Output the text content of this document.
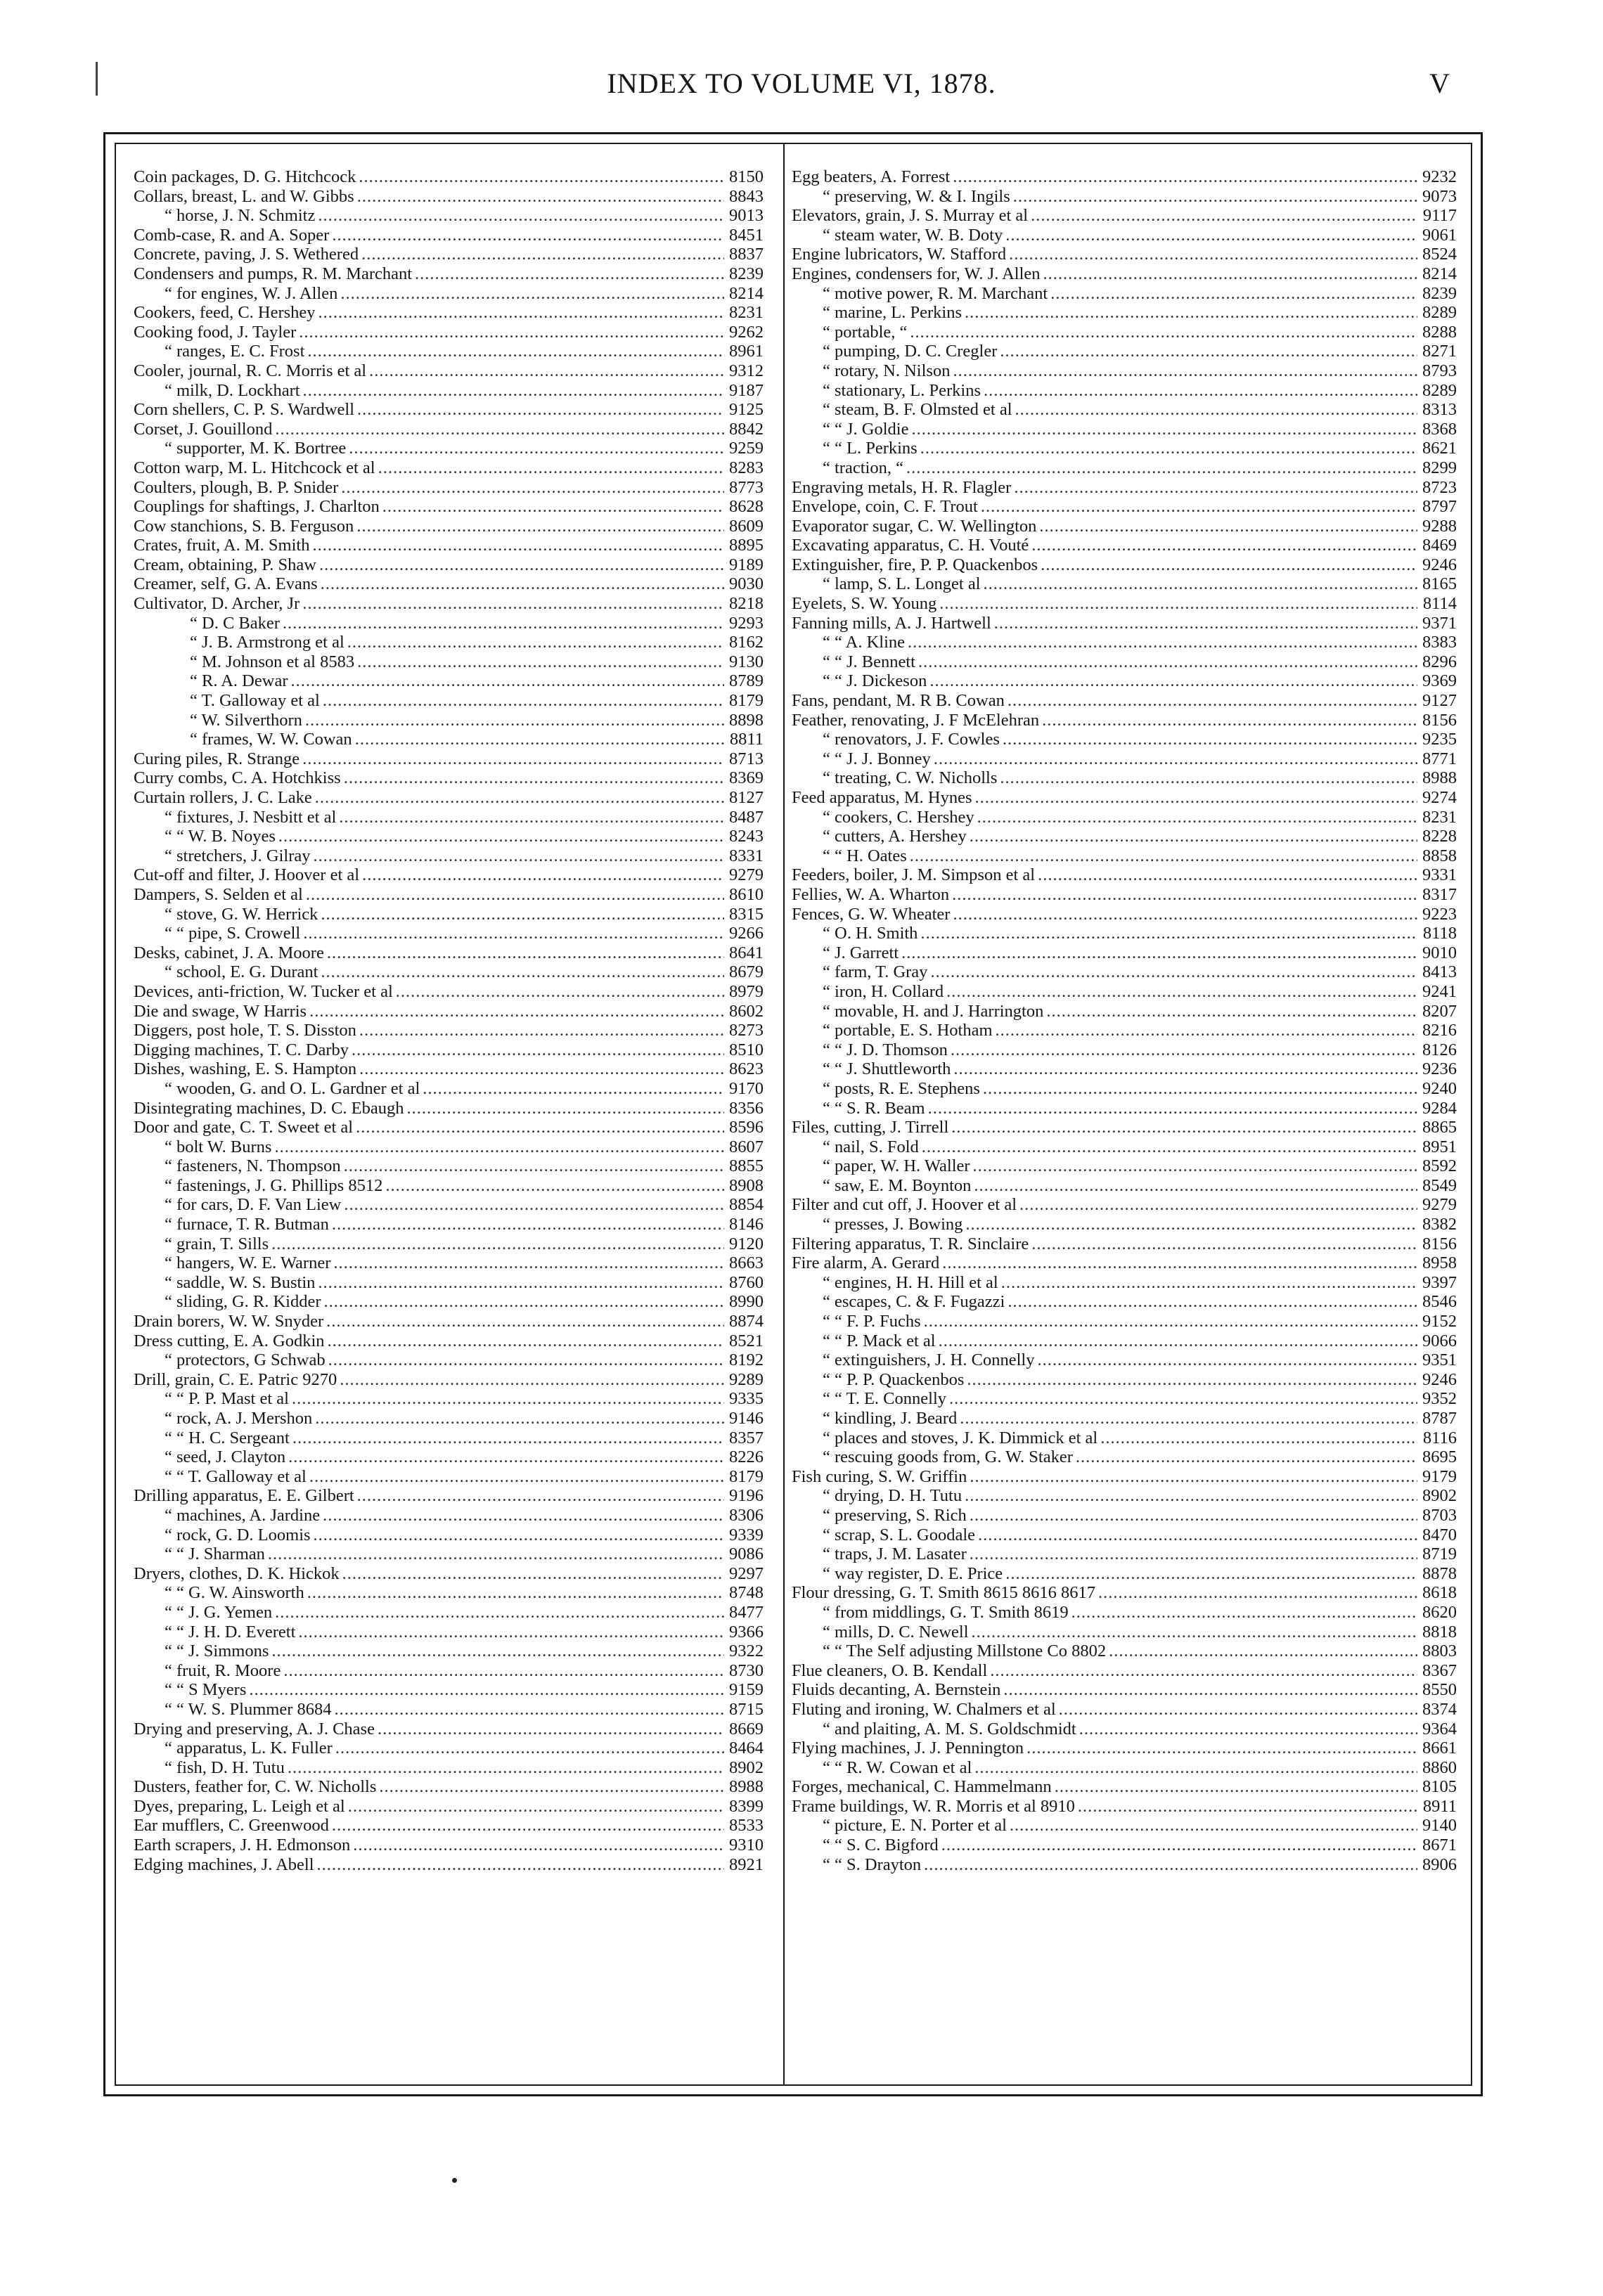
INDEX TO VOLUME VI, 1878.	V
Coin packages, D. G. Hitchcock .....	8150
Collars, breast, L. and W. Gibbs .....	8843
“ horse, J. N. Schmitz .....	9013
Comb-case, R. and A. Soper .....	8451
Concrete, paving, J. S. Wethered .....	8837
Condensers and pumps, R. M. Marchant .....	8239
“ for engines, W. J. Allen .....	8214
Cookers, feed, C. Hershey .....	8231
Cooking food, J. Tayler .....	9262
“ ranges, E. C. Frost .....	8961
Cooler, journal, R. C. Morris et al .....	9312
“ milk, D. Lockhart .....	9187
Corn shellers, C. P. S. Wardwell .....	9125
Corset, J. Gouillond .....	8842
“ supporter, M. K. Bortree .....	9259
Cotton warp, M. L. Hitchcock et al .....	8283
Coulters, plough, B. P. Snider .....	8773
Couplings for shaftings, J. Charlton .....	8628
Cow stanchions, S. B. Ferguson .....	8609
Crates, fruit, A. M. Smith .....	8895
Cream, obtaining, P. Shaw .....	9189
Creamer, self, G. A. Evans .....	9030
Cultivator, D. Archer, Jr .....	8218
“ D. C Baker .....	9293
“ J. B. Armstrong et al .....	8162
“ M. Johnson et al 8583 .....	9130
“ R. A. Dewar .....	8789
“ T. Galloway et al .....	8179
“ W. Silverthorn .....	8898
“ frames, W. W. Cowan .....	8811
Curing piles, R. Strange .....	8713
Curry combs, C. A. Hotchkiss .....	8369
Curtain rollers, J. C. Lake .....	8127
“ fixtures, J. Nesbitt et al .....	8487
“ “ W. B. Noyes .....	8243
“ stretchers, J. Gilray .....	8331
Cut-off and filter, J. Hoover et al .....	9279
Dampers, S. Selden et al .....	8610
“ stove, G. W. Herrick .....	8315
“ “ pipe, S. Crowell .....	9266
Desks, cabinet, J. A. Moore .....	8641
“ school, E. G. Durant .....	8679
Devices, anti-friction, W. Tucker et al .....	8979
Die and swage, W Harris .....	8602
Diggers, post hole, T. S. Disston .....	8273
Digging machines, T. C. Darby .....	8510
Dishes, washing, E. S. Hampton .....	8623
“ wooden, G. and O. L. Gardner et al .....	9170
Disintegrating machines, D. C. Ebaugh .....	8356
Door and gate, C. T. Sweet et al .....	8596
“ bolt W. Burns .....	8607
“ fasteners, N. Thompson .....	8855
“ fastenings, J. G. Phillips 8512 .....	8908
“ for cars, D. F. Van Liew .....	8854
“ furnace, T. R. Butman .....	8146
“ grain, T. Sills .....	9120
“ hangers, W. E. Warner .....	8663
“ saddle, W. S. Bustin .....	8760
“ sliding, G. R. Kidder .....	8990
Drain borers, W. W. Snyder .....	8874
Dress cutting, E. A. Godkin .....	8521
“ protectors, G Schwab .....	8192
Drill, grain, C. E. Patric 9270 .....	9289
“ “ P. P. Mast et al .....	9335
“ rock, A. J. Mershon .....	9146
“ “ H. C. Sergeant .....	8357
“ seed, J. Clayton .....	8226
“ “ T. Galloway et al .....	8179
Drilling apparatus, E. E. Gilbert .....	9196
“ machines, A. Jardine .....	8306
“ rock, G. D. Loomis .....	9339
“ “ J. Sharman .....	9086
Dryers, clothes, D. K. Hickok .....	9297
“ “ G. W. Ainsworth .....	8748
“ “ J. G. Yemen .....	8477
“ “ J. H. D. Everett .....	9366
“ “ J. Simmons .....	9322
“ fruit, R. Moore .....	8730
“ “ S Myers .....	9159
“ “ W. S. Plummer 8684 .....	8715
Drying and preserving, A. J. Chase .....	8669
“ apparatus, L. K. Fuller .....	8464
“ fish, D. H. Tutu .....	8902
Dusters, feather for, C. W. Nicholls .....	8988
Dyes, preparing, L. Leigh et al .....	8399
Ear mufflers, C. Greenwood .....	8533
Earth scrapers, J. H. Edmonson .....	9310
Edging machines, J. Abell .....	8921
Egg beaters, A. Forrest .....	9232
“ preserving, W. & I. Ingils .....	9073
Elevators, grain, J. S. Murray et al .....	9117
“ steam water, W. B. Doty .....	9061
Engine lubricators, W. Stafford .....	8524
Engines, condensers for, W. J. Allen .....	8214
“ motive power, R. M. Marchant .....	8239
“ marine, L. Perkins .....	8289
“ portable, “ .....	8288
“ pumping, D. C. Cregler .....	8271
“ rotary, N. Nilson .....	8793
“ stationary, L. Perkins .....	8289
“ steam, B. F. Olmsted et al .....	8313
“ “ J. Goldie .....	8368
“ “ L. Perkins .....	8621
“ traction, “ .....	8299
Engraving metals, H. R. Flagler .....	8723
Envelope, coin, C. F. Trout .....	8797
Evaporator sugar, C. W. Wellington .....	9288
Excavating apparatus, C. H. Vouté .....	8469
Extinguisher, fire, P. P. Quackenbos .....	9246
“ lamp, S. L. Longet al .....	8165
Eyelets, S. W. Young .....	8114
Fanning mills, A. J. Hartwell .....	9371
“ “ A. Kline .....	8383
“ “ J. Bennett .....	8296
“ “ J. Dickeson .....	9369
Fans, pendant, M. R B. Cowan .....	9127
Feather, renovating, J. F McElehran .....	8156
“ renovators, J. F. Cowles .....	9235
“ “ J. J. Bonney .....	8771
“ treating, C. W. Nicholls .....	8988
Feed apparatus, M. Hynes .....	9274
“ cookers, C. Hershey .....	8231
“ cutters, A. Hershey .....	8228
“ “ H. Oates .....	8858
Feeders, boiler, J. M. Simpson et al .....	9331
Fellies, W. A. Wharton .....	8317
Fences, G. W. Wheater .....	9223
“ O. H. Smith .....	8118
“ J. Garrett .....	9010
“ farm, T. Gray .....	8413
“ iron, H. Collard .....	9241
“ movable, H. and J. Harrington .....	8207
“ portable, E. S. Hotham .....	8216
“ “ J. D. Thomson .....	8126
“ “ J. Shuttleworth .....	9236
“ posts, R. E. Stephens .....	9240
“ “ S. R. Beam .....	9284
Files, cutting, J. Tirrell .....	8865
“ nail, S. Fold .....	8951
“ paper, W. H. Waller .....	8592
“ saw, E. M. Boynton .....	8549
Filter and cut off, J. Hoover et al .....	9279
“ presses, J. Bowing .....	8382
Filtering apparatus, T. R. Sinclaire .....	8156
Fire alarm, A. Gerard .....	8958
“ engines, H. H. Hill et al .....	9397
“ escapes, C. & F. Fugazzi .....	8546
“ “ F. P. Fuchs .....	9152
“ “ P. Mack et al .....	9066
“ extinguishers, J. H. Connelly .....	9351
“ “ P. P. Quackenbos .....	9246
“ “ T. E. Connelly .....	9352
“ kindling, J. Beard .....	8787
“ places and stoves, J. K. Dimmick et al .....	8116
“ rescuing goods from, G. W. Staker .....	8695
Fish curing, S. W. Griffin .....	9179
“ drying, D. H. Tutu .....	8902
“ preserving, S. Rich .....	8703
“ scrap, S. L. Goodale .....	8470
“ traps, J. M. Lasater .....	8719
“ way register, D. E. Price .....	8878
Flour dressing, G. T. Smith 8615 8616 8617 .....	8618
“ from middlings, G. T. Smith 8619 .....	8620
“ mills, D. C. Newell .....	8818
“ “ The Self adjusting Millstone Co 8802 .....	8803
Flue cleaners, O. B. Kendall .....	8367
Fluids decanting, A. Bernstein .....	8550
Fluting and ironing, W. Chalmers et al .....	8374
“ and plaiting, A. M. S. Goldschmidt .....	9364
Flying machines, J. J. Pennington .....	8661
“ “ R. W. Cowan et al .....	8860
Forges, mechanical, C. Hammelmann .....	8105
Frame buildings, W. R. Morris et al 8910 .....	8911
“ picture, E. N. Porter et al .....	9140
“ “ S. C. Bigford .....	8671
“ “ S. Drayton .....	8906
